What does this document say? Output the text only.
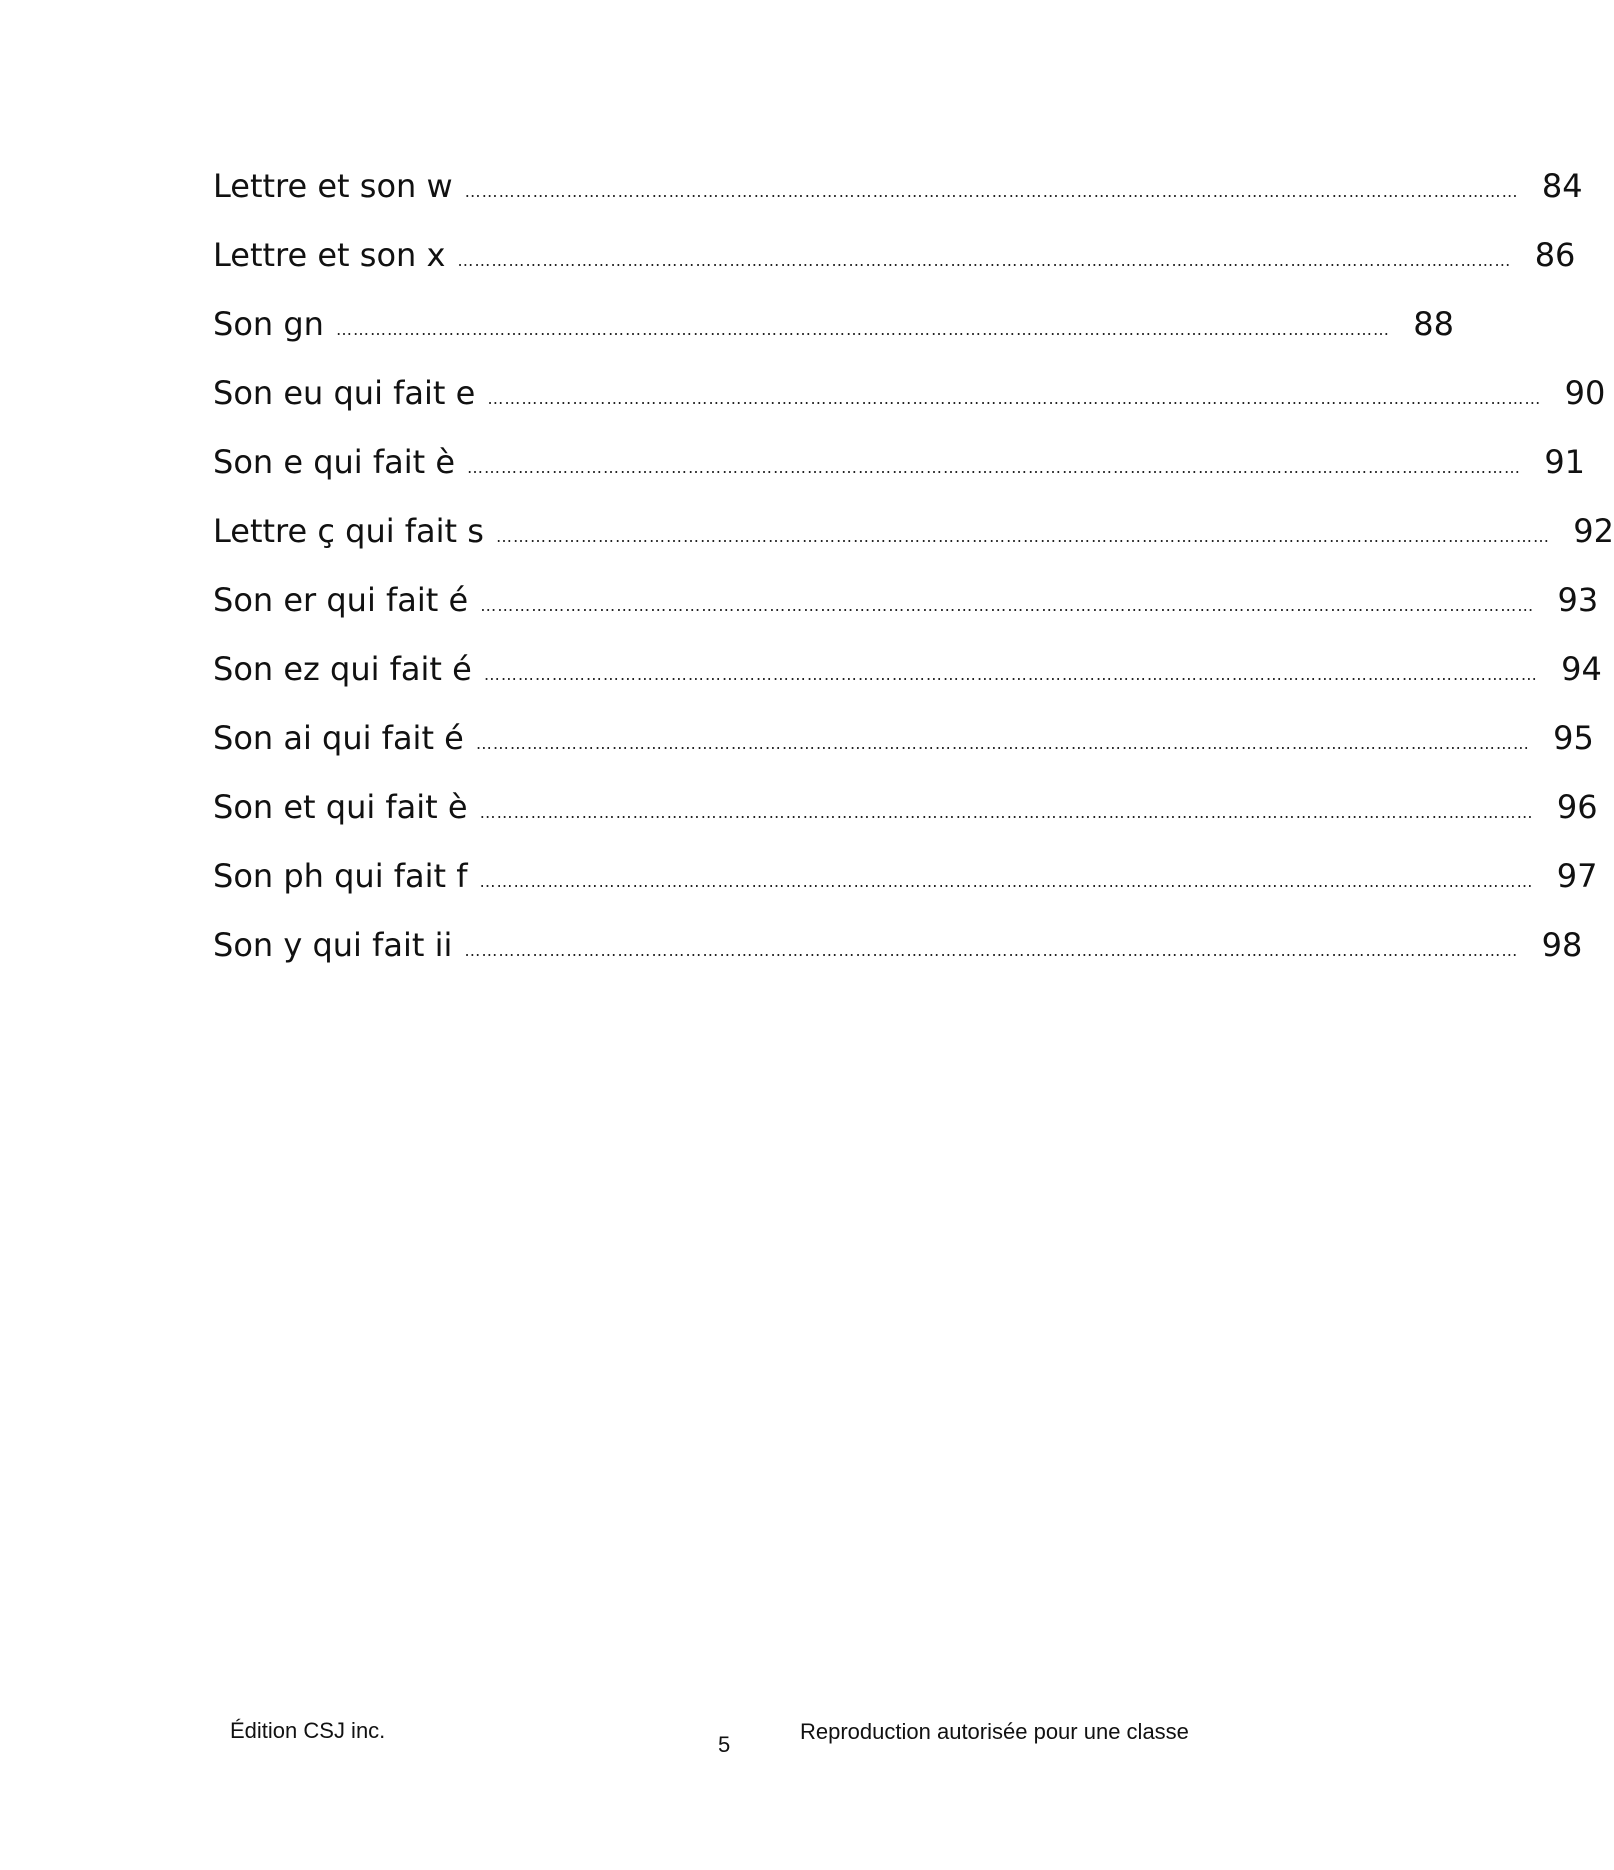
Lettre et son w …………………………………………………………………………………………………………………………………………………………………… 84
Lettre et son x …………………………………………………………………………………………………………………………………………………………………… 86
Son gn …………………………………………………………………………………………………………………………………………………………………… 88
Son eu qui fait e …………………………………………………………………………………………………………………………………………………………………… 90
Son e qui fait è …………………………………………………………………………………………………………………………………………………………………… 91
Lettre ç qui fait s …………………………………………………………………………………………………………………………………………………………………… 92
Son er qui fait é …………………………………………………………………………………………………………………………………………………………………… 93
Son ez qui fait é …………………………………………………………………………………………………………………………………………………………………… 94
Son ai qui fait é …………………………………………………………………………………………………………………………………………………………………… 95
Son et qui fait è …………………………………………………………………………………………………………………………………………………………………… 96
Son ph qui fait f …………………………………………………………………………………………………………………………………………………………………… 97
Son y qui fait ii …………………………………………………………………………………………………………………………………………………………………… 98
Édition CSJ inc.
5
Reproduction autorisée pour une classe
